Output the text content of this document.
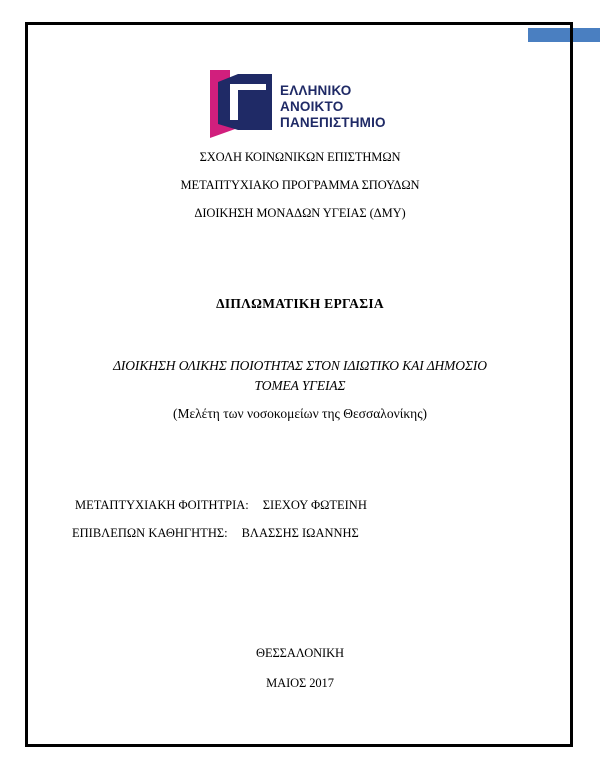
ΕΛΛΗΝΙΚΟ
ΑΝΟΙΚΤΟ
ΠΑΝΕΠΙΣΤΗΜΙΟ
ΣΧΟΛΗ ΚΟΙΝΩΝΙΚΩΝ ΕΠΙΣΤΗΜΩΝ
ΜΕΤΑΠΤΥΧΙΑΚΟ ΠΡΟΓΡΑΜΜΑ ΣΠΟΥΔΩΝ
ΔΙΟΙΚΗΣΗ ΜΟΝΑΔΩΝ ΥΓΕΙΑΣ (ΔΜΥ)
ΔΙΠΛΩΜΑΤΙΚΗ ΕΡΓΑΣΙΑ
ΔΙΟΙΚΗΣΗ ΟΛΙΚΗΣ ΠΟΙΟΤΗΤΑΣ ΣΤΟΝ ΙΔΙΩΤΙΚΟ ΚΑΙ ΔΗΜΟΣΙΟ
ΤΟΜΕΑ ΥΓΕΙΑΣ
(Μελέτη των νοσοκομείων της Θεσσαλονίκης)
ΜΕΤΑΠΤΥΧΙΑΚΗ ΦΟΙΤΗΤΡΙΑ: ΣΙΕΧΟΥ ΦΩΤΕΙΝΗ
ΕΠΙΒΛΕΠΩΝ ΚΑΘΗΓΗΤΗΣ: ΒΛΑΣΣΗΣ ΙΩΑΝΝΗΣ
ΘΕΣΣΑΛΟΝΙΚΗ
ΜΑΙΟΣ 2017
